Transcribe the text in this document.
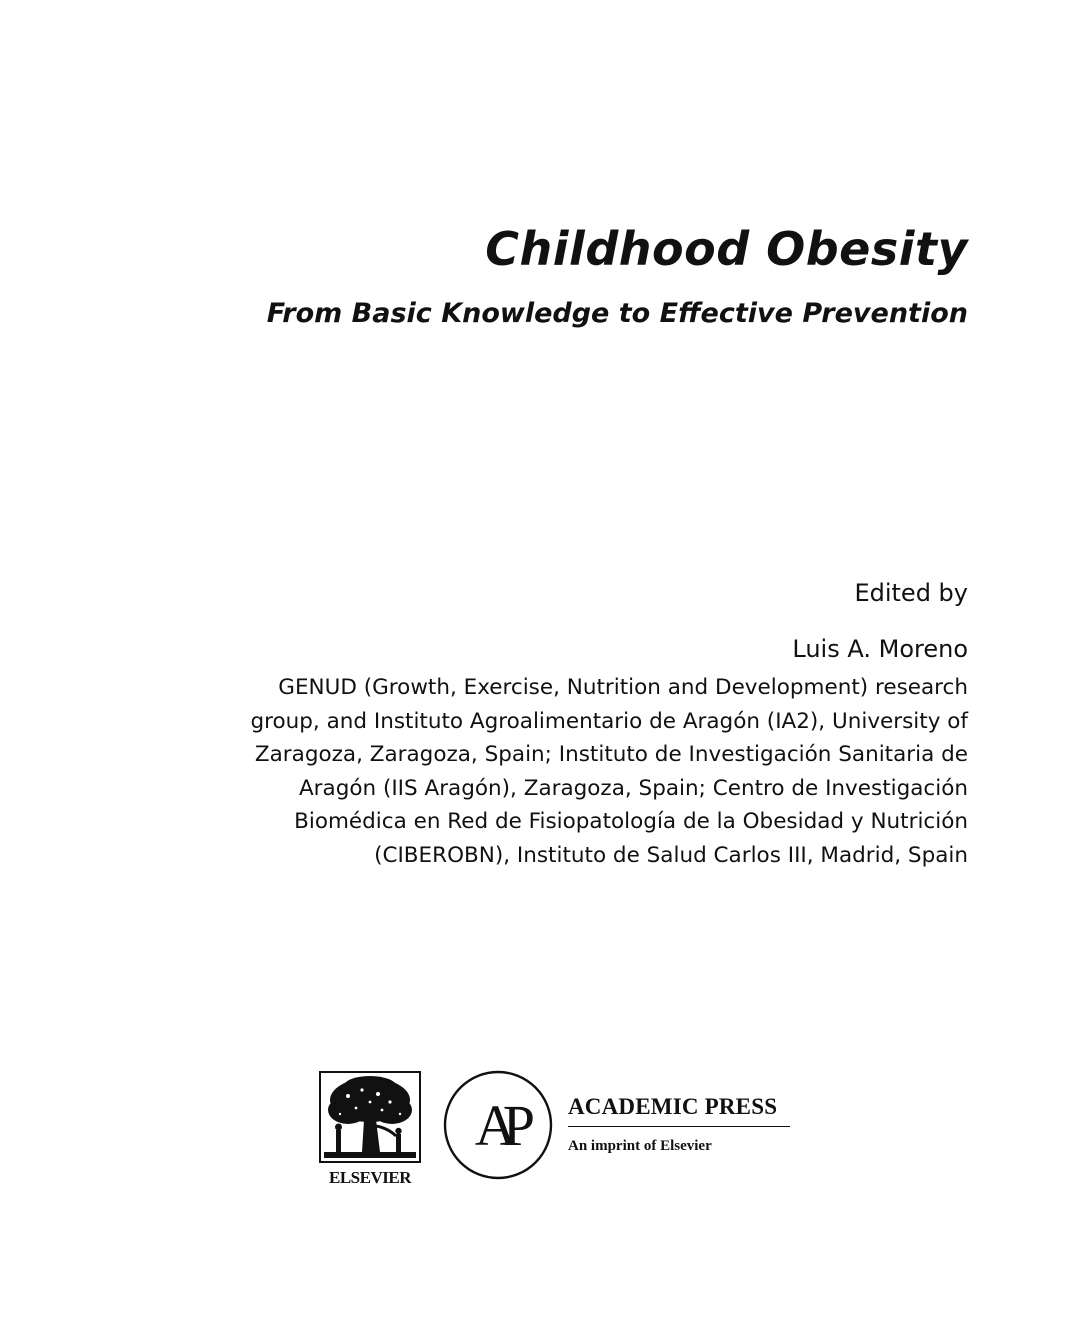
Childhood Obesity
From Basic Knowledge to Effective Prevention
Edited by
Luis A. Moreno
GENUD (Growth, Exercise, Nutrition and Development) research
group, and Instituto Agroalimentario de Aragón (IA2), University of
Zaragoza, Zaragoza, Spain; Instituto de Investigación Sanitaria de
Aragón (IIS Aragón), Zaragoza, Spain; Centro de Investigación
Biomédica en Red de Fisiopatología de la Obesidad y Nutrición
(CIBEROBN), Instituto de Salud Carlos III, Madrid, Spain
ELSEVIER
AP	ACADEMIC PRESS
An imprint of Elsevier
